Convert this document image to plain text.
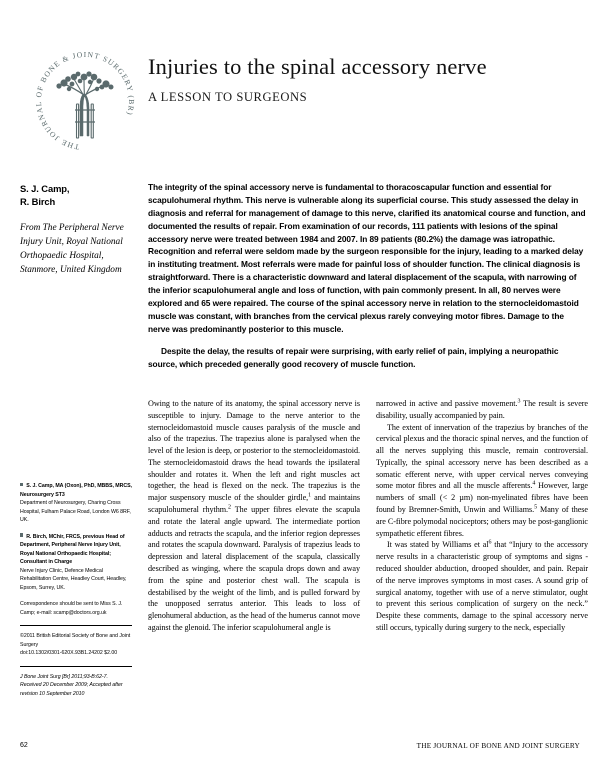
THE JOURNAL OF BONE & JOINT SURGERY (BR)
Injuries to the spinal accessory nerve
A LESSON TO SURGEONS
S. J. Camp,
R. Birch
From The Peripheral Nerve Injury Unit, Royal National Orthopaedic Hospital, Stanmore, United Kingdom

The integrity of the spinal accessory nerve is fundamental to thoracoscapular function and essential for scapulohumeral rhythm. This nerve is vulnerable along its superficial course. This study assessed the delay in diagnosis and referral for management of damage to this nerve, clarified its anatomical course and function, and documented the results of repair. From examination of our records, 111 patients with lesions of the spinal accessory nerve were treated between 1984 and 2007. In 89 patients (80.2%) the damage was iatropathic. Recognition and referral were seldom made by the surgeon responsible for the injury, leading to a marked delay in instituting treatment. Most referrals were made for painful loss of shoulder function. The clinical diagnosis is straightforward. There is a characteristic downward and lateral displacement of the scapula, with narrowing of the inferior scapulohumeral angle and loss of function, with pain commonly present. In all, 80 nerves were explored and 65 were repaired. The course of the spinal accessory nerve in relation to the sternocleidomastoid muscle was constant, with branches from the cervical plexus rarely conveying motor fibres. Damage to the nerve was predominantly posterior to this muscle.

Despite the delay, the results of repair were surprising, with early relief of pain, implying a neuropathic source, which preceded generally good recovery of muscle function.

S. J. Camp, MA (Oxon), PhD, MBBS, MRCS, Neurosurgery ST3
Department of Neurosurgery, Charing Cross Hospital, Fulham Palace Road, London W6 8RF, UK.
R. Birch, MChir, FRCS, previous Head of Department, Peripheral Nerve Injury Unit, Royal National Orthopaedic Hospital; Consultant in Charge
Nerve Injury Clinic, Defence Medical Rehabilitation Centre, Headley Court, Headley, Epsom, Surrey, UK.
Correspondence should be sent to Miss S. J. Camp; e-mail: scamp@doctors.org.uk
©2011 British Editorial Society of Bone and Joint Surgery
doi:10.1302/0301-620X.93B1.24202 $2.00
J Bone Joint Surg [Br] 2011;93-B:62-7.
Received 20 December 2009; Accepted after revision 10 September 2010

Owing to the nature of its anatomy, the spinal accessory nerve is susceptible to injury. Damage to the nerve anterior to the sternocleidomastoid muscle causes paralysis of the muscle and also of the trapezius. The trapezius alone is paralysed when the level of the lesion is deep, or posterior to the sternocleidomastoid. The sternocleidomastoid draws the head towards the ipsilateral shoulder and rotates it. When the left and right muscles act together, the head is flexed on the neck. The trapezius is the major suspensory muscle of the shoulder girdle,$^1$ and maintains scapulohumeral rhythm.$^2$ The upper fibres elevate the scapula and rotate the lateral angle upward. The intermediate portion adducts and retracts the scapula, and the inferior region depresses and rotates the scapula downward. Paralysis of trapezius leads to depression and lateral displacement of the scapula, classically described as winging, where the scapula drops down and away from the spine and posterior chest wall. The scapula is destabilised by the weight of the limb, and is pulled forward by the unopposed serratus anterior. This leads to loss of glenohumeral abduction, as the head of the humerus cannot move against the glenoid. The inferior scapulohumeral angle is

narrowed in active and passive movement.$^3$ The result is severe disability, usually accompanied by pain.

The extent of innervation of the trapezius by branches of the cervical plexus and the thoracic spinal nerves, and the function of all the nerves supplying this muscle, remain controversial. Typically, the spinal accessory nerve has been described as a somatic efferent nerve, with upper cervical nerves conveying some motor fibres and all the muscle afferents.$^4$ However, large numbers of small (< 2 µm) non-myelinated fibres have been found by Bremner-Smith, Unwin and Williams.$^5$ Many of these are C-fibre polymodal nociceptors; others may be post-ganglionic sympathetic efferent fibres.

It was stated by Williams et $al^6$ that “Injury to the accessory nerve results in a characteristic group of symptoms and signs - reduced shoulder abduction, drooped shoulder, and pain. Repair of the nerve improves symptoms in most cases. A sound grip of surgical anatomy, together with use of a nerve stimulator, ought to prevent this serious complication of surgery on the neck.” Despite these comments, damage to the spinal accessory nerve still occurs, typically during surgery to the neck, especially

62	THE JOURNAL OF BONE AND JOINT SURGERY
